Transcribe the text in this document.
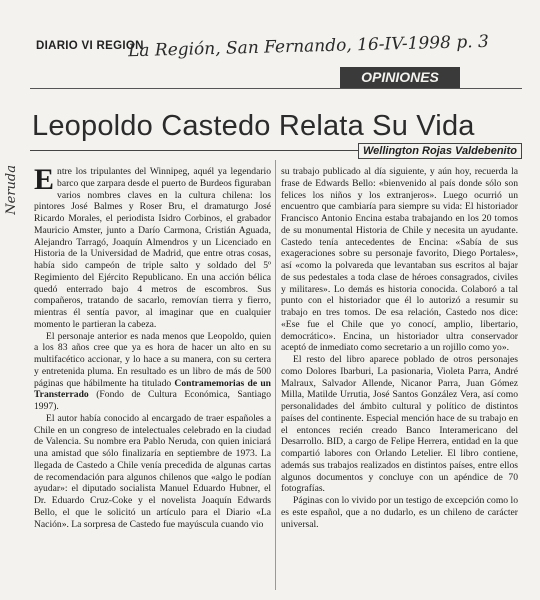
DIARIO VI REGION
La Región, San Fernando, 16-IV-1998 p. 3
OPINIONES
Leopoldo Castedo Relata Su Vida
Wellington Rojas Valdebenito
Neruda Entre los tripulantes del Winnipeg, aquél ya legendario barco que zarpara desde el puerto de Burdeos figuraban varios nombres claves en la cultura chilena: los pintores José Balmes y Roser Bru, el dramaturgo José Ricardo Morales, el periodista Isidro Corbinos, el grabador Mauricio Amster, junto a Darío Carmona, Cristián Aguada, Alejandro Tarragó, Joaquín Almendros y un Licenciado en Historia de la Universidad de Madrid, que entre otras cosas, había sido campeón de triple salto y soldado del 5º Regimiento del Ejército Republicano. En una acción bélica quedó enterrado bajo 4 metros de escombros. Sus compañeros, tratando de sacarlo, removían tierra y fierro, mientras él sentía pavor, al imaginar que en cualquier momento le partieran la cabeza.

El personaje anterior es nada menos que Leopoldo, quien a los 83 años cree que ya es hora de hacer un alto en su multifacético accionar, y lo hace a su manera, con su certera y entretenida pluma. En resultado es un libro de más de 500 páginas que hábilmente ha titulado Contramemorias de un Transterrado (Fondo de Cultura Económica, Santiago 1997).

El autor había conocido al encargado de traer españoles a Chile en un congreso de intelectuales celebrado en la ciudad de Valencia. Su nombre era Pablo Neruda, con quien iniciará una amistad que sólo finalizaría en septiembre de 1973. La llegada de Castedo a Chile venía precedida de algunas cartas de recomendación para algunos chilenos que «algo le podían ayudar»: el diputado socialista Manuel Eduardo Hubner, el Dr. Eduardo Cruz-Coke y el novelista Joaquín Edwards Bello, el que le solicitó un artículo para el Diario «La Nación». La sorpresa de Castedo fue mayúscula cuando vio

su trabajo publicado al día siguiente, y aún hoy, recuerda la frase de Edwards Bello: «bienvenido al país donde sólo son felices los niños y los extranjeros». Luego ocurrió un encuentro que cambiaría para siempre su vida: El historiador Francisco Antonio Encina estaba trabajando en los 20 tomos de su monumental Historia de Chile y necesita un ayudante. Castedo tenía antecedentes de Encina: «Sabía de sus exageraciones sobre su personaje favorito, Diego Portales», así «como la polvareda que levantaban sus escritos al bajar de sus pedestales a toda clase de héroes consagrados, civiles y militares». Lo demás es historia conocida. Colaboró a tal punto con el historiador que él lo autorizó a resumir su trabajo en tres tomos. De esa relación, Castedo nos dice: «Ese fue el Chile que yo conocí, amplio, libertario, democrático». Encina, un historiador ultra conservador aceptó de inmediato como secretario a un rojillo como yo».

El resto del libro aparece poblado de otros personajes como Dolores Ibarburi, La pasionaria, Violeta Parra, André Malraux, Salvador Allende, Nicanor Parra, Juan Gómez Milla, Matilde Urrutia, José Santos González Vera, así como personalidades del ámbito cultural y político de distintos países del continente. Especial mención hace de su trabajo en el entonces recién creado Banco Interamericano del Desarrollo. BID, a cargo de Felipe Herrera, entidad en la que compartió labores con Orlando Letelier. El libro contiene, además sus trabajos realizados en distintos países, entre ellos algunos documentos y concluye con un apéndice de 70 fotografías.

Páginas con lo vivido por un testigo de excepción como lo es este español, que a no dudarlo, es un chileno de carácter universal.
